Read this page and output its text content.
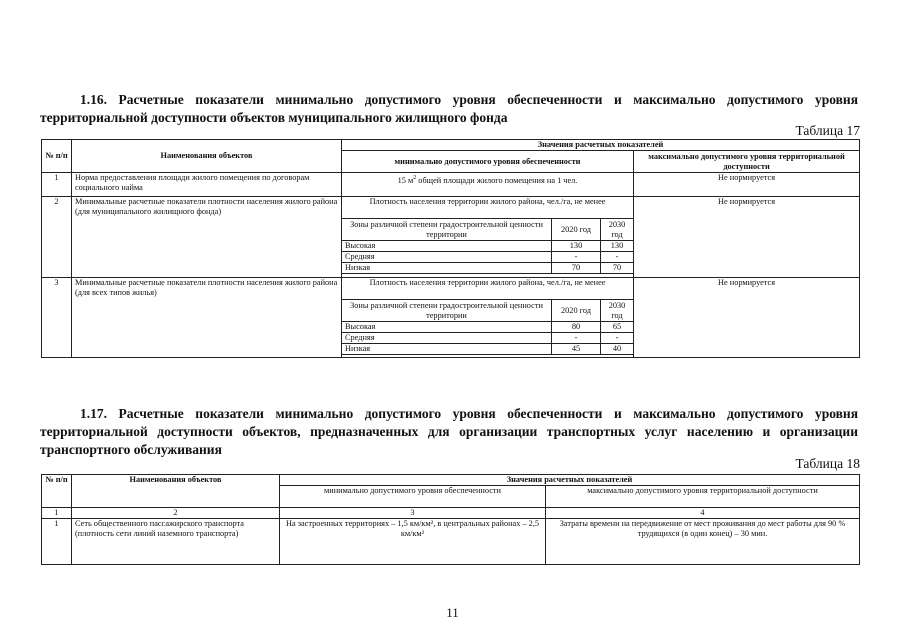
1.16. Расчетные показатели минимально допустимого уровня обеспеченности и максимально допустимого уровня территориальной доступности объектов муниципального жилищного фонда
Таблица 17
№ п/п	Наименования объектов	Значения расчетных показателей			
		минимально допустимого уровня обеспеченности			максимально допустимого уровня территориальной доступности
1	Норма предоставления площади жилого помещения по договорам социального найма	15 $м^2$ общей площади жилого помещения на 1 чел.			Не нормируется
2	Минимальные расчетные показатели плотности населения жилого района (для муниципального жилищного фонда)	Плотность населения территории жилого района, чел./га, не менее			Не нормируется
		Зоны различной степени градостроительной ценности территории	2020 год	2030 год	
		Высокая	130	130	
		Средняя	-	-	
		Низкая	70	70	

3	Минимальные расчетные показатели плотности населения жилого района (для всех типов жилья)	Плотность населения территории жилого района, чел./га, не менее			Не нормируется
		Зоны различной степени градостроительной ценности территории	2020 год	2030 год	
		Высокая	80	65	
		Средняя	-	-	
		Низкая	45	40	

1.17. Расчетные показатели минимально допустимого уровня обеспеченности и максимально допустимого уровня территориальной доступности объектов, предназначенных для организации транспортных услуг населению и организации транспортного обслуживания
Таблица 18
№ п/п	Наименования объектов	Значения расчетных показателей	
		минимально допустимого уровня обеспеченности	максимально допустимого уровня территориальной доступности
1	2	3	4
1	Сеть общественного пассажирского транспорта (плотность сети линий наземного транспорта)	На застроенных территориях – 1,5 км/км², в центральных районах – 2,5 км/км²	Затраты времени на передвижение от мест проживания до мест работы для 90 % трудящихся (в один конец) – 30 мин.
11
